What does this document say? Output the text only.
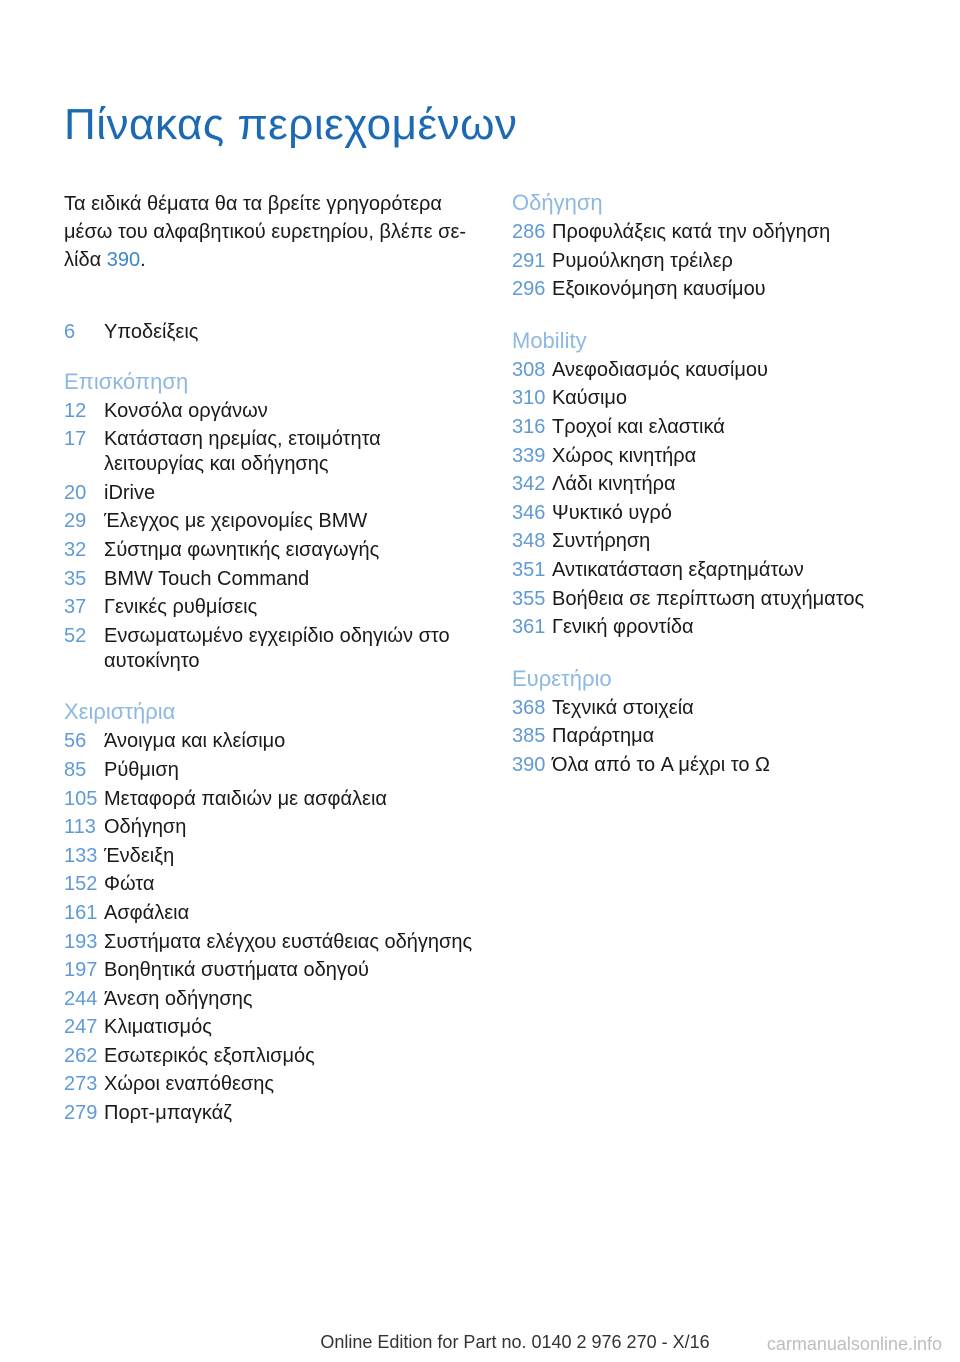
Πίνακας περιεχομένων
Τα ειδικά θέματα θα τα βρείτε γρηγορότερα μέσω του αλφαβητικού ευρετηρίου, βλέπε σε‐λίδα 390.
6	Υποδείξεις
Επισκόπηση
12 Κονσόλα οργάνων
17 Κατάσταση ηρεμίας, ετοιμότητα λειτουργίας και οδήγησης
20 iDrive
29 Έλεγχος με χειρονομίες BMW
32 Σύστημα φωνητικής εισαγωγής
35 BMW Touch Command
37 Γενικές ρυθμίσεις
52 Ενσωματωμένο εγχειρίδιο οδηγιών στο αυτοκίνητο
Χειριστήρια
56 Άνοιγμα και κλείσιμο
85 Ρύθμιση
105 Μεταφορά παιδιών με ασφάλεια
113 Οδήγηση
133 Ένδειξη
152 Φώτα
161 Ασφάλεια
193 Συστήματα ελέγχου ευστάθειας οδήγησης
197 Βοηθητικά συστήματα οδηγού
244 Άνεση οδήγησης
247 Κλιματισμός
262 Εσωτερικός εξοπλισμός
273 Χώροι εναπόθεσης
279 Πορτ-μπαγκάζ
Οδήγηση
286 Προφυλάξεις κατά την οδήγηση
291 Ρυμούλκηση τρέιλερ
296 Εξοικονόμηση καυσίμου
Mobility
308 Ανεφοδιασμός καυσίμου
310 Καύσιμο
316 Τροχοί και ελαστικά
339 Χώρος κινητήρα
342 Λάδι κινητήρα
346 Ψυκτικό υγρό
348 Συντήρηση
351 Αντικατάσταση εξαρτημάτων
355 Βοήθεια σε περίπτωση ατυχήματος
361 Γενική φροντίδα
Ευρετήριο
368 Τεχνικά στοιχεία
385 Παράρτημα
390 Όλα από το A μέχρι το Ω
Online Edition for Part no. 0140 2 976 270 - X/16	carmanualsonline.info
